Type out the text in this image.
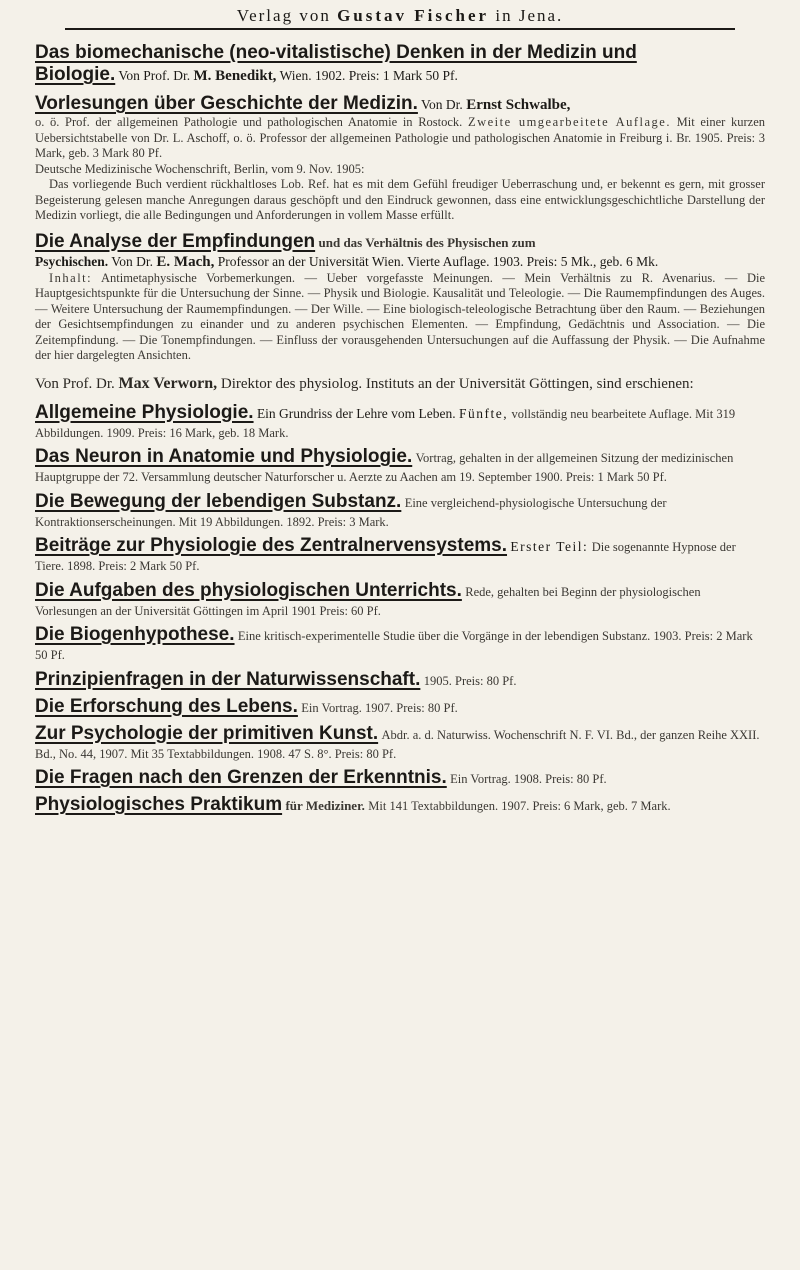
Verlag von Gustav Fischer in Jena.
Das biomechanische (neo-vitalistische) Denken in der Medizin und
Biologie. Von Prof. Dr. M. Benedikt, Wien. 1902. Preis: 1 Mark 50 Pf.
Vorlesungen über Geschichte der Medizin. Von Dr. Ernst Schwalbe,
o. ö. Prof. der allgemeinen Pathologie und pathologischen Anatomie in Rostock. Zweite umgearbeitete Auflage. Mit einer kurzen Uebersichtstabelle von Dr. L. Aschoff, o. ö. Professor der allgemeinen Pathologie und pathologischen Anatomie in Freiburg i. Br. 1905. Preis: 3 Mark, geb. 3 Mark 80 Pf.
Deutsche Medizinische Wochenschrift, Berlin, vom 9. Nov. 1905:
Das vorliegende Buch verdient rückhaltloses Lob. Ref. hat es mit dem Gefühl freudiger Ueberraschung und, er bekennt es gern, mit grosser Begeisterung gelesen manche Anregungen daraus geschöpft und den Eindruck gewonnen, dass eine entwicklungsgeschichtliche Darstellung der Medizin vorliegt, die alle Bedingungen und Anforderungen in vollem Masse erfüllt.
Die Analyse der Empfindungen und das Verhältnis des Physischen zum
Psychischen. Von Dr. E. Mach, Professor an der Universität Wien. Vierte Auflage. 1903. Preis: 5 Mk., geb. 6 Mk.
Inhalt: Antimetaphysische Vorbemerkungen. — Ueber vorgefasste Meinungen. — Mein Verhältnis zu R. Avenarius. — Die Hauptgesichtspunkte für die Untersuchung der Sinne. — Physik und Biologie. Kausalität und Teleologie. — Die Raumempfindungen des Auges. — Weitere Untersuchung der Raumempfindungen. — Der Wille. — Eine biologisch-teleologische Betrachtung über den Raum. — Beziehungen der Gesichtsempfindungen zu einander und zu anderen psychischen Elementen. — Empfindung, Gedächtnis und Association. — Die Zeitempfindung. — Die Tonempfindungen. — Einfluss der vorausgehenden Untersuchungen auf die Auffassung der Physik. — Die Aufnahme der hier dargelegten Ansichten.
Von Prof. Dr. Max Verworn, Direktor des physiolog. Instituts an der Universität Göttingen, sind erschienen:
Allgemeine Physiologie. Ein Grundriss der Lehre vom Leben. Fünfte, vollständig neu bearbeitete Auflage. Mit 319 Abbildungen. 1909. Preis: 16 Mark, geb. 18 Mark.
Das Neuron in Anatomie und Physiologie. Vortrag, gehalten in der allgemeinen Sitzung der medizinischen Hauptgruppe der 72. Versammlung deutscher Naturforscher u. Aerzte zu Aachen am 19. September 1900. Preis: 1 Mark 50 Pf.
Die Bewegung der lebendigen Substanz. Eine vergleichend-physiologische Untersuchung der Kontraktionserscheinungen. Mit 19 Abbildungen. 1892. Preis: 3 Mark.
Beiträge zur Physiologie des Zentralnervensystems. Erster Teil: Die sogenannte Hypnose der Tiere. 1898. Preis: 2 Mark 50 Pf.
Die Aufgaben des physiologischen Unterrichts. Rede, gehalten bei Beginn der physiologischen Vorlesungen an der Universität Göttingen im April 1901 Preis: 60 Pf.
Die Biogenhypothese. Eine kritisch-experimentelle Studie über die Vorgänge in der lebendigen Substanz. 1903. Preis: 2 Mark 50 Pf.
Prinzipienfragen in der Naturwissenschaft. 1905. Preis: 80 Pf.
Die Erforschung des Lebens. Ein Vortrag. 1907. Preis: 80 Pf.
Zur Psychologie der primitiven Kunst. Abdr. a. d. Naturwiss. Wochenschrift N. F. VI. Bd., der ganzen Reihe XXII. Bd., No. 44, 1907. Mit 35 Textabbildungen. 1908. 47 S. 8°. Preis: 80 Pf.
Die Fragen nach den Grenzen der Erkenntnis. Ein Vortrag. 1908. Preis: 80 Pf.
Physiologisches Praktikum für Mediziner. Mit 141 Textabbildungen. 1907. Preis: 6 Mark, geb. 7 Mark.
